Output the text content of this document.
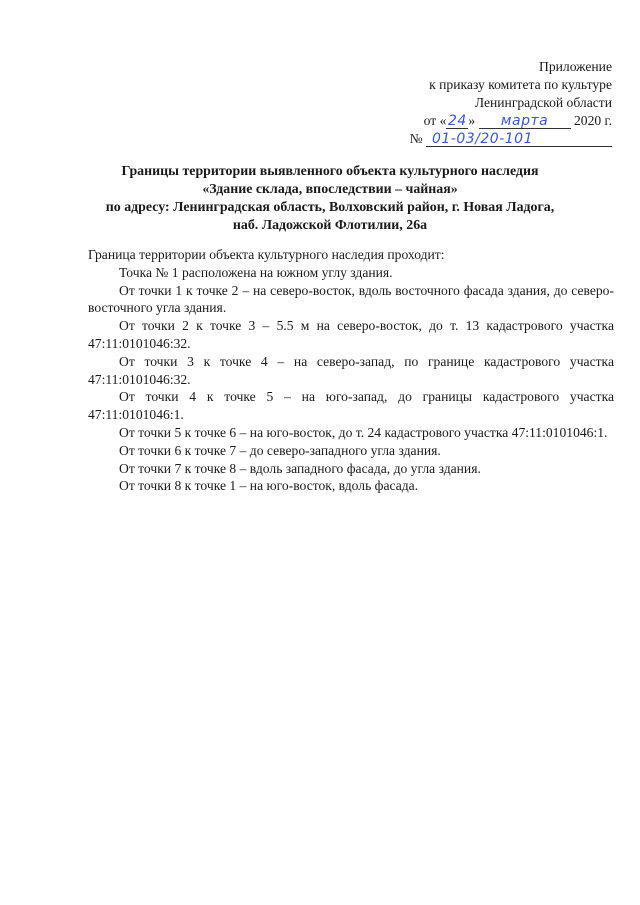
Приложение
к приказу комитета по культуре
Ленинградской области
от « 24 » марта 2020 г.
№ 01-03/20-101
Границы территории выявленного объекта культурного наследия
«Здание склада, впоследствии – чайная»
по адресу: Ленинградская область, Волховский район, г. Новая Ладога,
наб. Ладожской Флотилии, 26а

Граница территории объекта культурного наследия проходит:

Точка № 1 расположена на южном углу здания.

От точки 1 к точке 2 – на северо-восток, вдоль восточного фасада здания, до северо-восточного угла здания.

От точки 2 к точке 3 – 5.5 м на северо-восток, до т. 13 кадастрового участка 47:11:0101046:32.

От точки 3 к точке 4 – на северо-запад, по границе кадастрового участка 47:11:0101046:32.

От точки 4 к точке 5 – на юго-запад, до границы кадастрового участка 47:11:0101046:1.

От точки 5 к точке 6 – на юго-восток, до т. 24 кадастрового участка 47:11:0101046:1.

От точки 6 к точке 7 – до северо-западного угла здания.

От точки 7 к точке 8 – вдоль западного фасада, до угла здания.

От точки 8 к точке 1 – на юго-восток, вдоль фасада.
